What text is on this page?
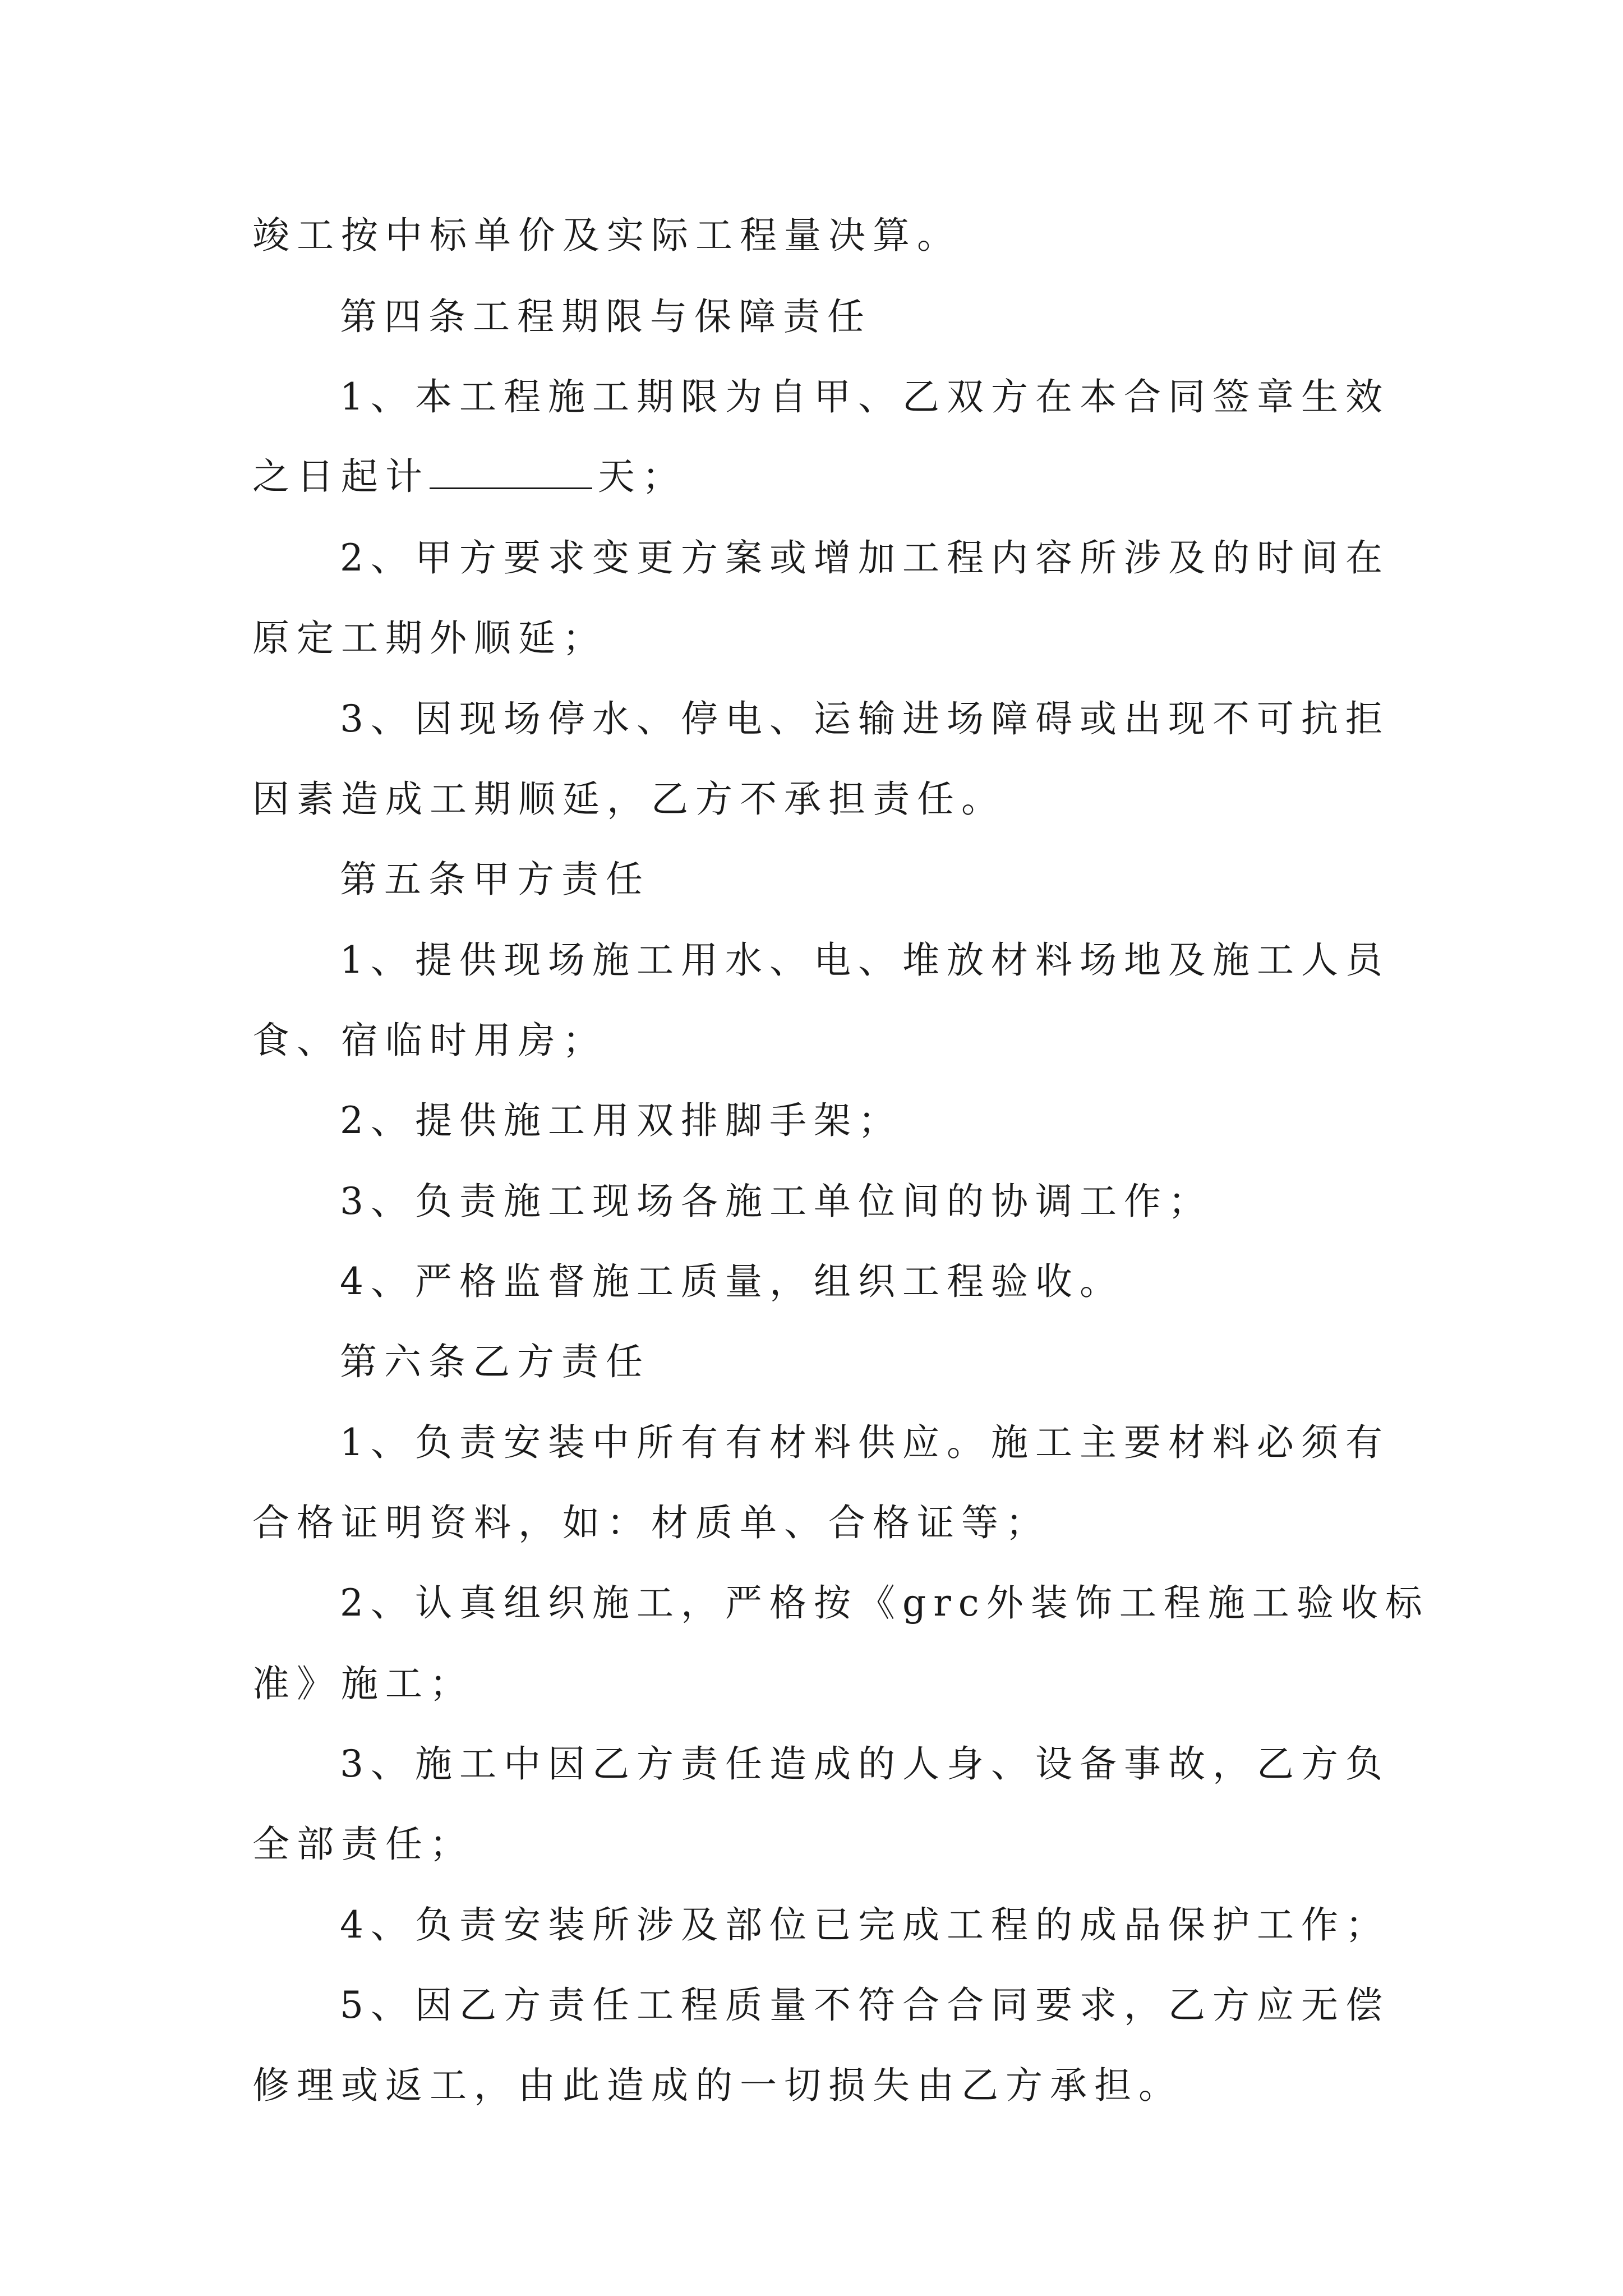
竣工按中标单价及实际工程量决算。
第四条工程期限与保障责任
1、本工程施工期限为自甲、乙双方在本合同签章生效
之日起计	天；
2、甲方要求变更方案或增加工程内容所涉及的时间在
原定工期外顺延；
3、因现场停水、停电、运输进场障碍或出现不可抗拒
因素造成工期顺延，乙方不承担责任。
第五条甲方责任
1、提供现场施工用水、电、堆放材料场地及施工人员
食、宿临时用房；
2、提供施工用双排脚手架；
3、负责施工现场各施工单位间的协调工作；
4、严格监督施工质量，组织工程验收。
第六条乙方责任
1、负责安装中所有有材料供应。施工主要材料必须有
合格证明资料，如：材质单、合格证等；
2、认真组织施工，严格按《grc外装饰工程施工验收标
准》施工；
3、施工中因乙方责任造成的人身、设备事故，乙方负
全部责任；
4、负责安装所涉及部位已完成工程的成品保护工作；
5、因乙方责任工程质量不符合合同要求，乙方应无偿
修理或返工，由此造成的一切损失由乙方承担。
